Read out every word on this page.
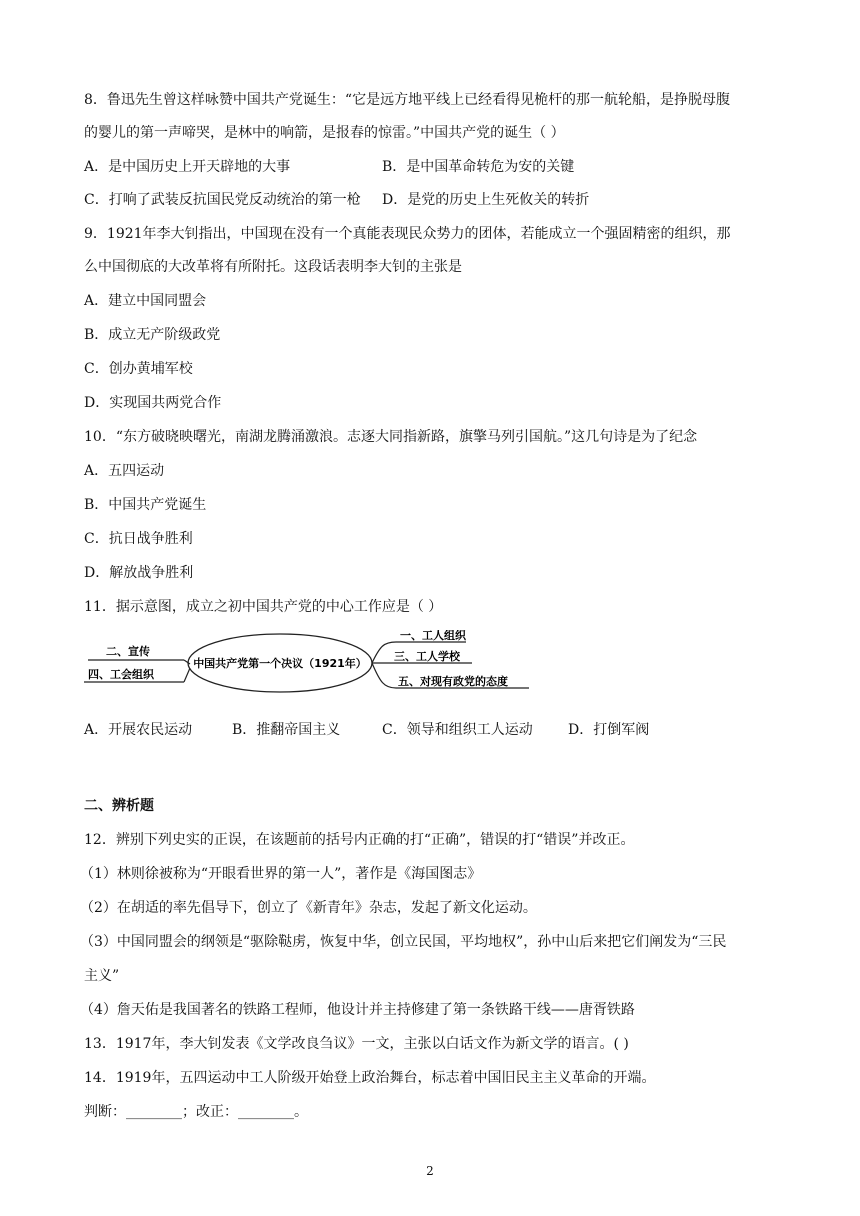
8．鲁迅先生曾这样咏赞中国共产党诞生：“它是远方地平线上已经看得见桅杆的那一航轮船，是挣脱母腹
的婴儿的第一声啼哭，是林中的响箭，是报春的惊雷。”中国共产党的诞生（ ）
A．是中国历史上开天辟地的大事	B．是中国革命转危为安的关键
C．打响了武装反抗国民党反动统治的第一枪 D．是党的历史上生死攸关的转折
9．1921年李大钊指出，中国现在没有一个真能表现民众势力的团体，若能成立一个强固精密的组织，那
么中国彻底的大改革将有所附托。这段话表明李大钊的主张是
A．建立中国同盟会
B．成立无产阶级政党
C．创办黄埔军校
D．实现国共两党合作
10．“东方破晓映曙光，南湖龙腾涌激浪。志逐大同指新路，旗擎马列引国航。”这几句诗是为了纪念
A．五四运动
B．中国共产党诞生
C．抗日战争胜利
D．解放战争胜利
11．据示意图，成立之初中国共产党的中心工作应是（ ）
二、宣传
四、工会组织
中国共产党第一个决议（1921年）
一、工人组织
三、工人学校
五、对现有政党的态度
A．开展农民运动	B．推翻帝国主义	C．领导和组织工人运动	D．打倒军阀
二、辨析题
12．辨别下列史实的正误，在该题前的括号内正确的打“正确”，错误的打“错误”并改正。
（1）林则徐被称为“开眼看世界的第一人”，著作是《海国图志》
（2）在胡适的率先倡导下，创立了《新青年》杂志，发起了新文化运动。
（3）中国同盟会的纲领是“驱除鞑虏，恢复中华，创立民国，平均地权”，孙中山后来把它们阐发为“三民
主义”
（4）詹天佑是我国著名的铁路工程师，他设计并主持修建了第一条铁路干线——唐胥铁路
13．1917年，李大钊发表《文学改良刍议》一文，主张以白话文作为新文学的语言。( )
14．1919年，五四运动中工人阶级开始登上政治舞台，标志着中国旧民主主义革命的开端。
判断：________；改正：________。
2
